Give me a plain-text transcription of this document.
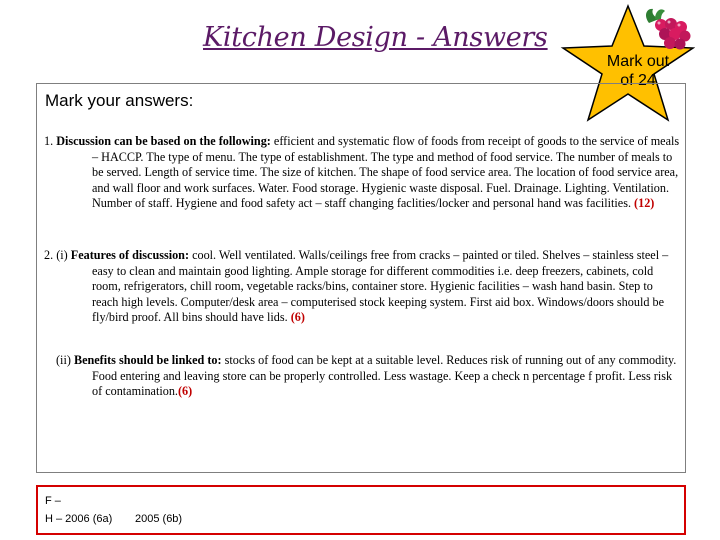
Kitchen Design - Answers
Mark out
of 24
Mark your answers:

1. Discussion can be based on the following: efficient and systematic flow of foods from receipt of goods to the service of meals – HACCP. The type of menu. The type of establishment. The type and method of food service. The number of meals to be served. Length of service time. The size of kitchen. The shape of food service area. The location of food service area, and wall floor and work surfaces. Water. Food storage. Hygienic waste disposal. Fuel. Drainage. Lighting. Ventilation. Number of staff. Hygiene and food safety act – staff changing faclities/locker and personal hand was facilities. (12)

2. (i) Features of discussion: cool. Well ventilated. Walls/ceilings free from cracks – painted or tiled. Shelves – stainless steel – easy to clean and maintain good lighting. Ample storage for different commodities i.e. deep freezers, cabinets, cold room, refrigerators, chill room, vegetable racks/bins, container store. Hygienic facilities – wash hand basin. Step to reach high levels. Computer/desk area – computerised stock keeping system. First aid box. Windows/doors should be fly/bird proof. All bins should have lids. (6)

(ii) Benefits should be linked to: stocks of food can be kept at a suitable level. Reduces risk of running out of any commodity. Food entering and leaving store can be properly controlled. Less wastage. Keep a check n percentage f profit. Less risk of contamination.(6)

F –
H – 2006 (6a) 2005 (6b)
